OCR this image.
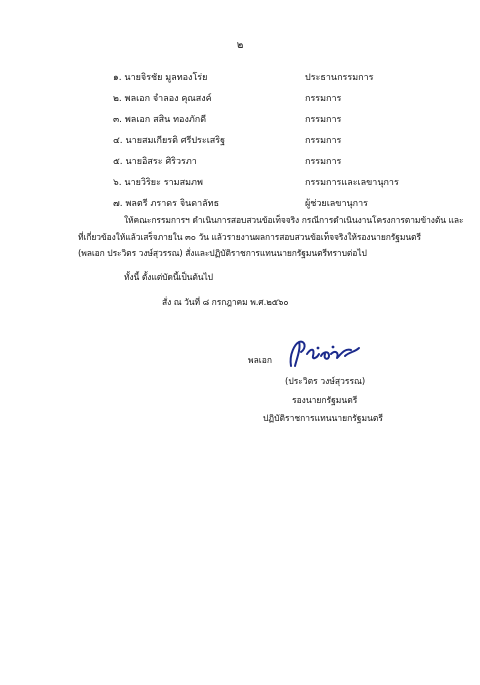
๒
๑. นายจิรชัย มูลทองโร่ย	ประธานกรรมการ
๒. พลเอก จำลอง คุณสงค์	กรรมการ
๓. พลเอก สสิน ทองภักดี	กรรมการ
๔. นายสมเกียรติ ศรีประเสริฐ	กรรมการ
๕. นายอิสระ ศิริวรภา	กรรมการ
๖. นายวิริยะ รามสมภพ	กรรมการและเลขานุการ
๗. พลตรี ภราดร จินดาลัทธ	ผู้ช่วยเลขานุการ
ให้คณะกรรมการฯ ดำเนินการสอบสวนข้อเท็จจริง กรณีการดำเนินงานโครงการตามข้างต้น และ
ที่เกี่ยวข้องให้แล้วเสร็จภายใน ๓๐ วัน แล้วรายงานผลการสอบสวนข้อเท็จจริงให้รองนายกรัฐมนตรี
(พลเอก ประวิตร วงษ์สุวรรณ) สั่งและปฏิบัติราชการแทนนายกรัฐมนตรีทราบต่อไป
ทั้งนี้ ตั้งแต่บัดนี้เป็นต้นไป
สั่ง ณ วันที่ ๘ กรกฎาคม พ.ศ.๒๕๖๐
พลเอก
(ประวิตร วงษ์สุวรรณ)
รองนายกรัฐมนตรี
ปฏิบัติราชการแทนนายกรัฐมนตรี
